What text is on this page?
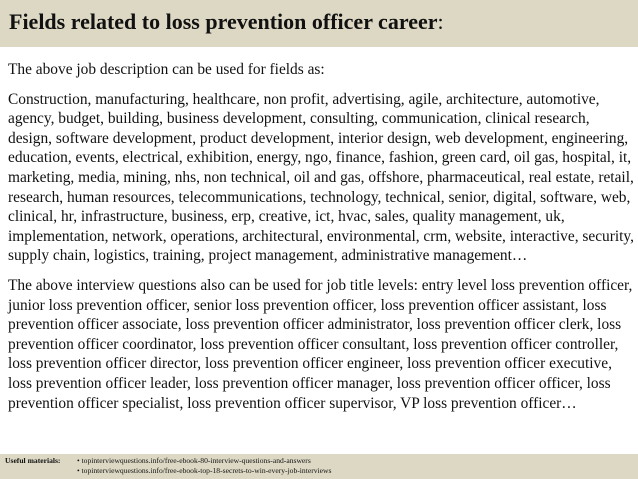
Fields related to loss prevention officer career:

The above job description can be used for fields as:

Construction, manufacturing, healthcare, non profit, advertising, agile, architecture, automotive, agency, budget, building, business development, consulting, communication, clinical research, design, software development, product development, interior design, web development, engineering, education, events, electrical, exhibition, energy, ngo, finance, fashion, green card, oil gas, hospital, it, marketing, media, mining, nhs, non technical, oil and gas, offshore, pharmaceutical, real estate, retail, research, human resources, telecommunications, technology, technical, senior, digital, software, web, clinical, hr, infrastructure, business, erp, creative, ict, hvac, sales, quality management, uk, implementation, network, operations, architectural, environmental, crm, website, interactive, security, supply chain, logistics, training, project management, administrative management…

The above interview questions also can be used for job title levels: entry level loss prevention officer, junior loss prevention officer, senior loss prevention officer, loss prevention officer assistant, loss prevention officer associate, loss prevention officer administrator, loss prevention officer clerk, loss prevention officer coordinator, loss prevention officer consultant, loss prevention officer controller, loss prevention officer director, loss prevention officer engineer, loss prevention officer executive, loss prevention officer leader, loss prevention officer manager, loss prevention officer officer, loss prevention officer specialist, loss prevention officer supervisor, VP loss prevention officer…

Useful materials: • topinterviewquestions.info/free-ebook-80-interview-questions-and-answers
• topinterviewquestions.info/free-ebook-top-18-secrets-to-win-every-job-interviews
